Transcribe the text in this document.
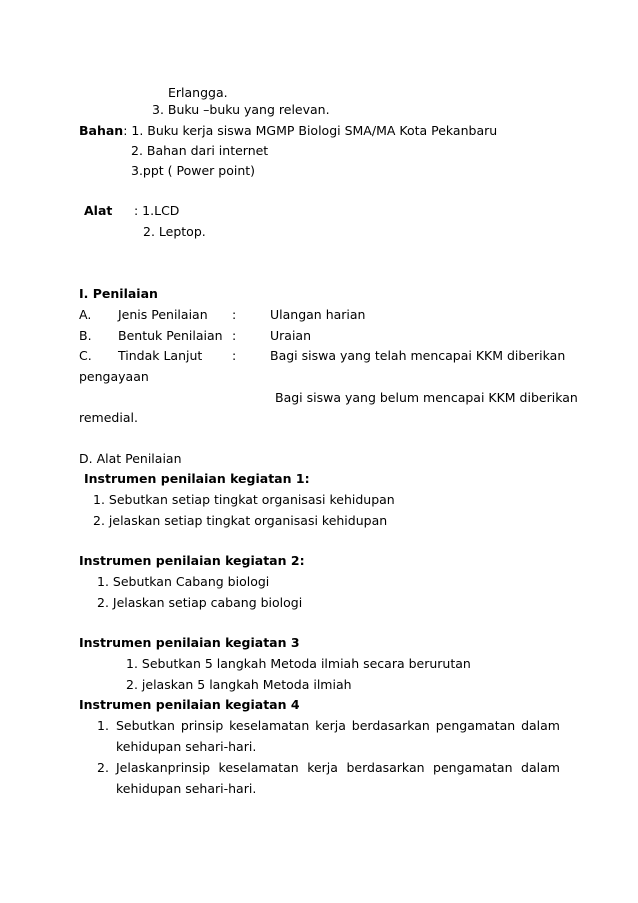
Erlangga.
3. Buku –buku yang relevan.
Bahan: 1. Buku kerja siswa MGMP Biologi SMA/MA Kota Pekanbaru
2. Bahan dari internet
3.ppt ( Power point)
Alat : 1.LCD
2. Leptop.
I. Penilaian
A. Jenis Penilaian :	Ulangan harian
B. Bentuk Penilaian :	Uraian
C. Tindak Lanjut :	Bagi siswa yang telah mencapai KKM diberikan
pengayaan
Bagi siswa yang belum mencapai KKM diberikan
remedial.
D. Alat Penilaian
Instrumen penilaian kegiatan 1:
1. Sebutkan setiap tingkat organisasi kehidupan
2. jelaskan setiap tingkat organisasi kehidupan
Instrumen penilaian kegiatan 2:
1. Sebutkan Cabang biologi
2. Jelaskan setiap cabang biologi
Instrumen penilaian kegiatan 3
1. Sebutkan 5 langkah Metoda ilmiah secara berurutan
2. jelaskan 5 langkah Metoda ilmiah
Instrumen penilaian kegiatan 4
1. Sebutkan prinsip keselamatan kerja berdasarkan pengamatan dalam
kehidupan sehari-hari.
2. Jelaskanprinsip keselamatan kerja berdasarkan pengamatan dalam
kehidupan sehari-hari.
